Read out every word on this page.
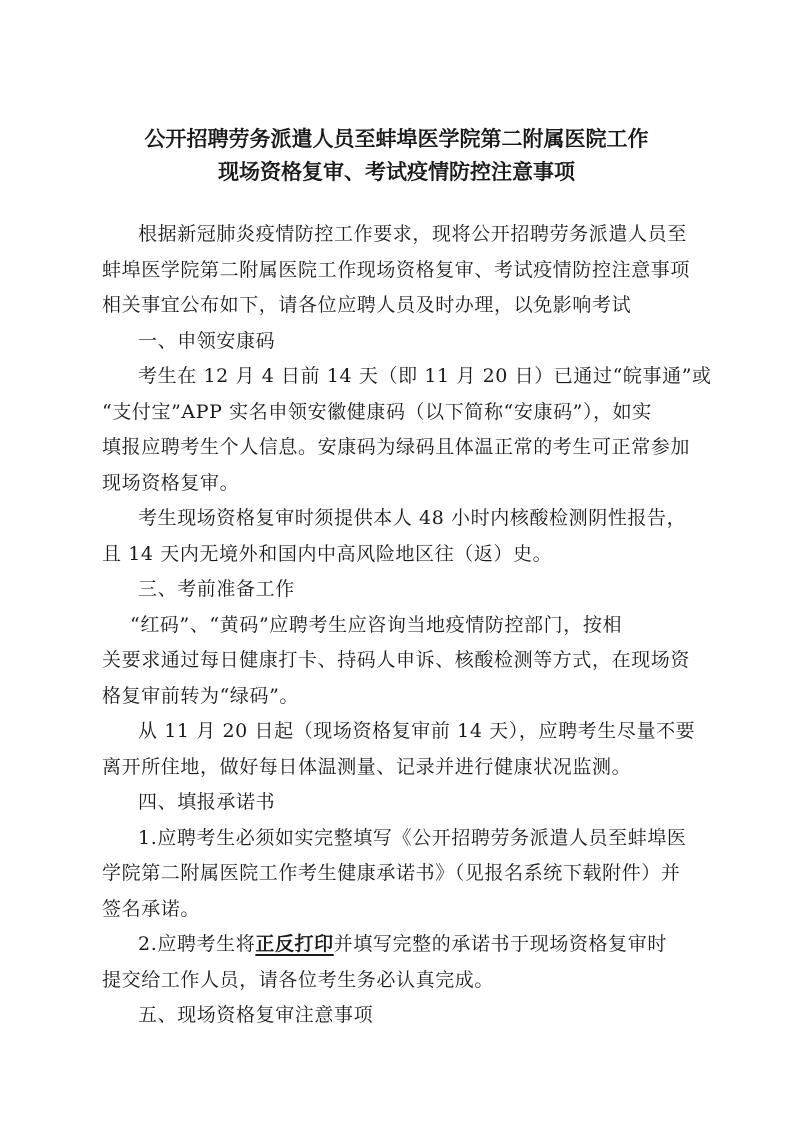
公开招聘劳务派遣人员至蚌埠医学院第二附属医院工作
现场资格复审、考试疫情防控注意事项
根据新冠肺炎疫情防控工作要求，现将公开招聘劳务派遣人员至
蚌埠医学院第二附属医院工作现场资格复审、考试疫情防控注意事项
相关事宜公布如下，请各位应聘人员及时办理，以免影响考试
一、申领安康码
考生在 12 月 4 日前 14 天（即 11 月 20 日）已通过“皖事通”或
“支付宝”APP 实名申领安徽健康码（以下简称“安康码”），如实
填报应聘考生个人信息。安康码为绿码且体温正常的考生可正常参加
现场资格复审。
考生现场资格复审时须提供本人 48 小时内核酸检测阴性报告，
且 14 天内无境外和国内中高风险地区往（返）史。
三、考前准备工作
“红码”、“黄码”应聘考生应咨询当地疫情防控部门，按相
关要求通过每日健康打卡、持码人申诉、核酸检测等方式，在现场资
格复审前转为“绿码”。
从 11 月 20 日起（现场资格复审前 14 天），应聘考生尽量不要
离开所住地，做好每日体温测量、记录并进行健康状况监测。
四、填报承诺书
1.应聘考生必须如实完整填写《公开招聘劳务派遣人员至蚌埠医
学院第二附属医院工作考生健康承诺书》（见报名系统下载附件）并
签名承诺。
2.应聘考生将正反打印并填写完整的承诺书于现场资格复审时
提交给工作人员，请各位考生务必认真完成。
五、现场资格复审注意事项
